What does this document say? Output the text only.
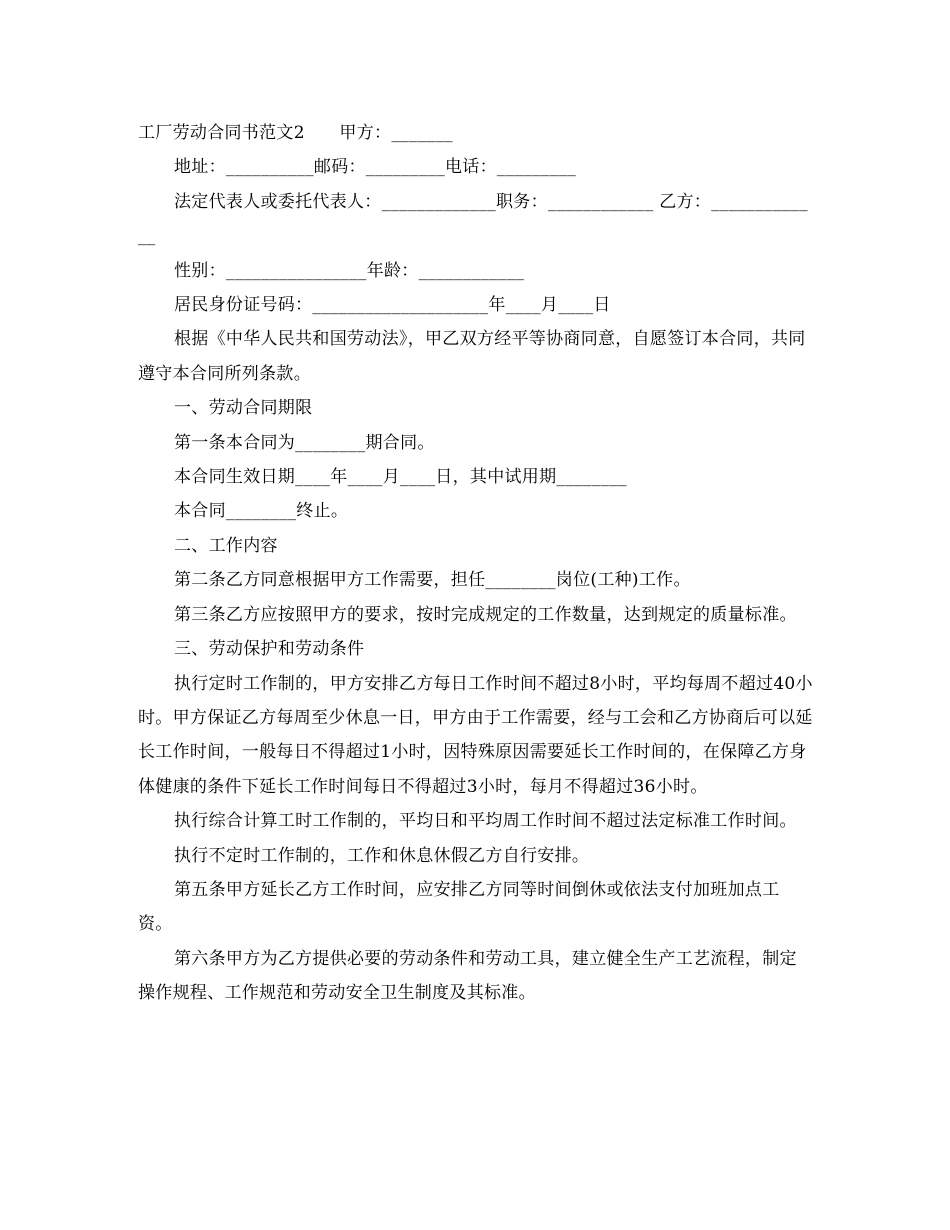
工厂劳动合同书范文2　　甲方：_______

地址：__________邮码：_________电话：_________

法定代表人或委托代表人：_____________职务：____________ 乙方：_____________

性别：________________年龄：____________

居民身份证号码：____________________年____月____日

根据《中华人民共和国劳动法》，甲乙双方经平等协商同意，自愿签订本合同，共同遵守本合同所列条款。

一、劳动合同期限

第一条本合同为________期合同。

本合同生效日期____年____月____日，其中试用期________

本合同________终止。

二、工作内容

第二条乙方同意根据甲方工作需要，担任________岗位(工种)工作。

第三条乙方应按照甲方的要求，按时完成规定的工作数量，达到规定的质量标准。

三、劳动保护和劳动条件

执行定时工作制的，甲方安排乙方每日工作时间不超过8小时，平均每周不超过40小时。甲方保证乙方每周至少休息一日，甲方由于工作需要，经与工会和乙方协商后可以延长工作时间，一般每日不得超过1小时，因特殊原因需要延长工作时间的，在保障乙方身体健康的条件下延长工作时间每日不得超过3小时，每月不得超过36小时。

执行综合计算工时工作制的，平均日和平均周工作时间不超过法定标准工作时间。

执行不定时工作制的，工作和休息休假乙方自行安排。

第五条甲方延长乙方工作时间，应安排乙方同等时间倒休或依法支付加班加点工资。

第六条甲方为乙方提供必要的劳动条件和劳动工具，建立健全生产工艺流程，制定操作规程、工作规范和劳动安全卫生制度及其标准。
